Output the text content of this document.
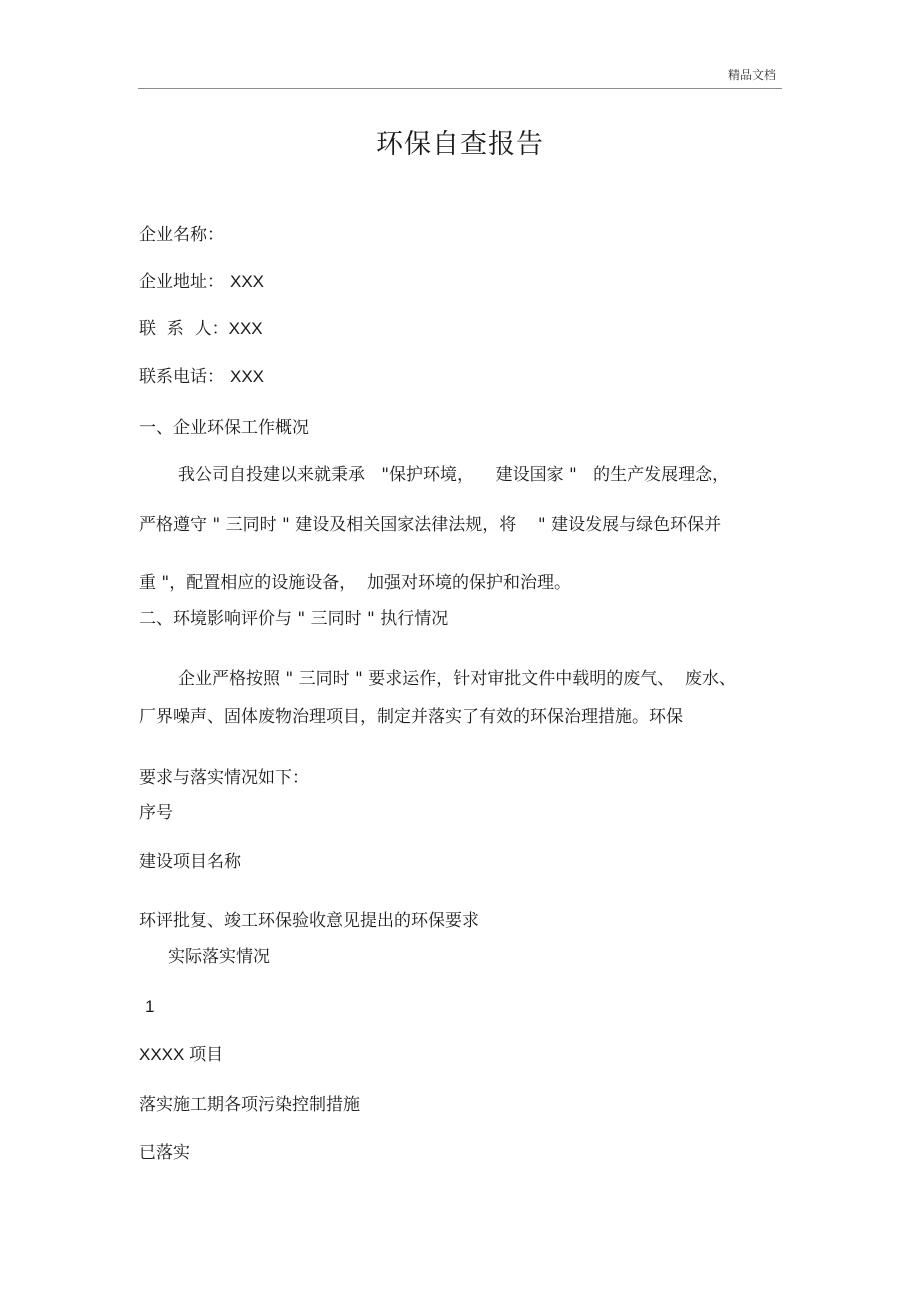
精品文档
环保自查报告
企业名称：
企业地址： XXX
联  系  人：XXX
联系电话： XXX
一、企业环保工作概况
我公司自投建以来就秉承   "保护环境，    建设国家 "   的生产发展理念，
严格遵守 " 三同时 " 建设及相关国家法律法规，将    " 建设发展与绿色环保并
重 "，配置相应的设施设备，  加强对环境的保护和治理。
二、环境影响评价与 " 三同时 " 执行情况
企业严格按照 " 三同时 " 要求运作，针对审批文件中载明的废气、  废水、
厂界噪声、固体废物治理项目，制定并落实了有效的环保治理措施。环保
要求与落实情况如下：
序号
建设项目名称
环评批复、竣工环保验收意见提出的环保要求
实际落实情况
1
XXXX 项目
落实施工期各项污染控制措施
已落实
